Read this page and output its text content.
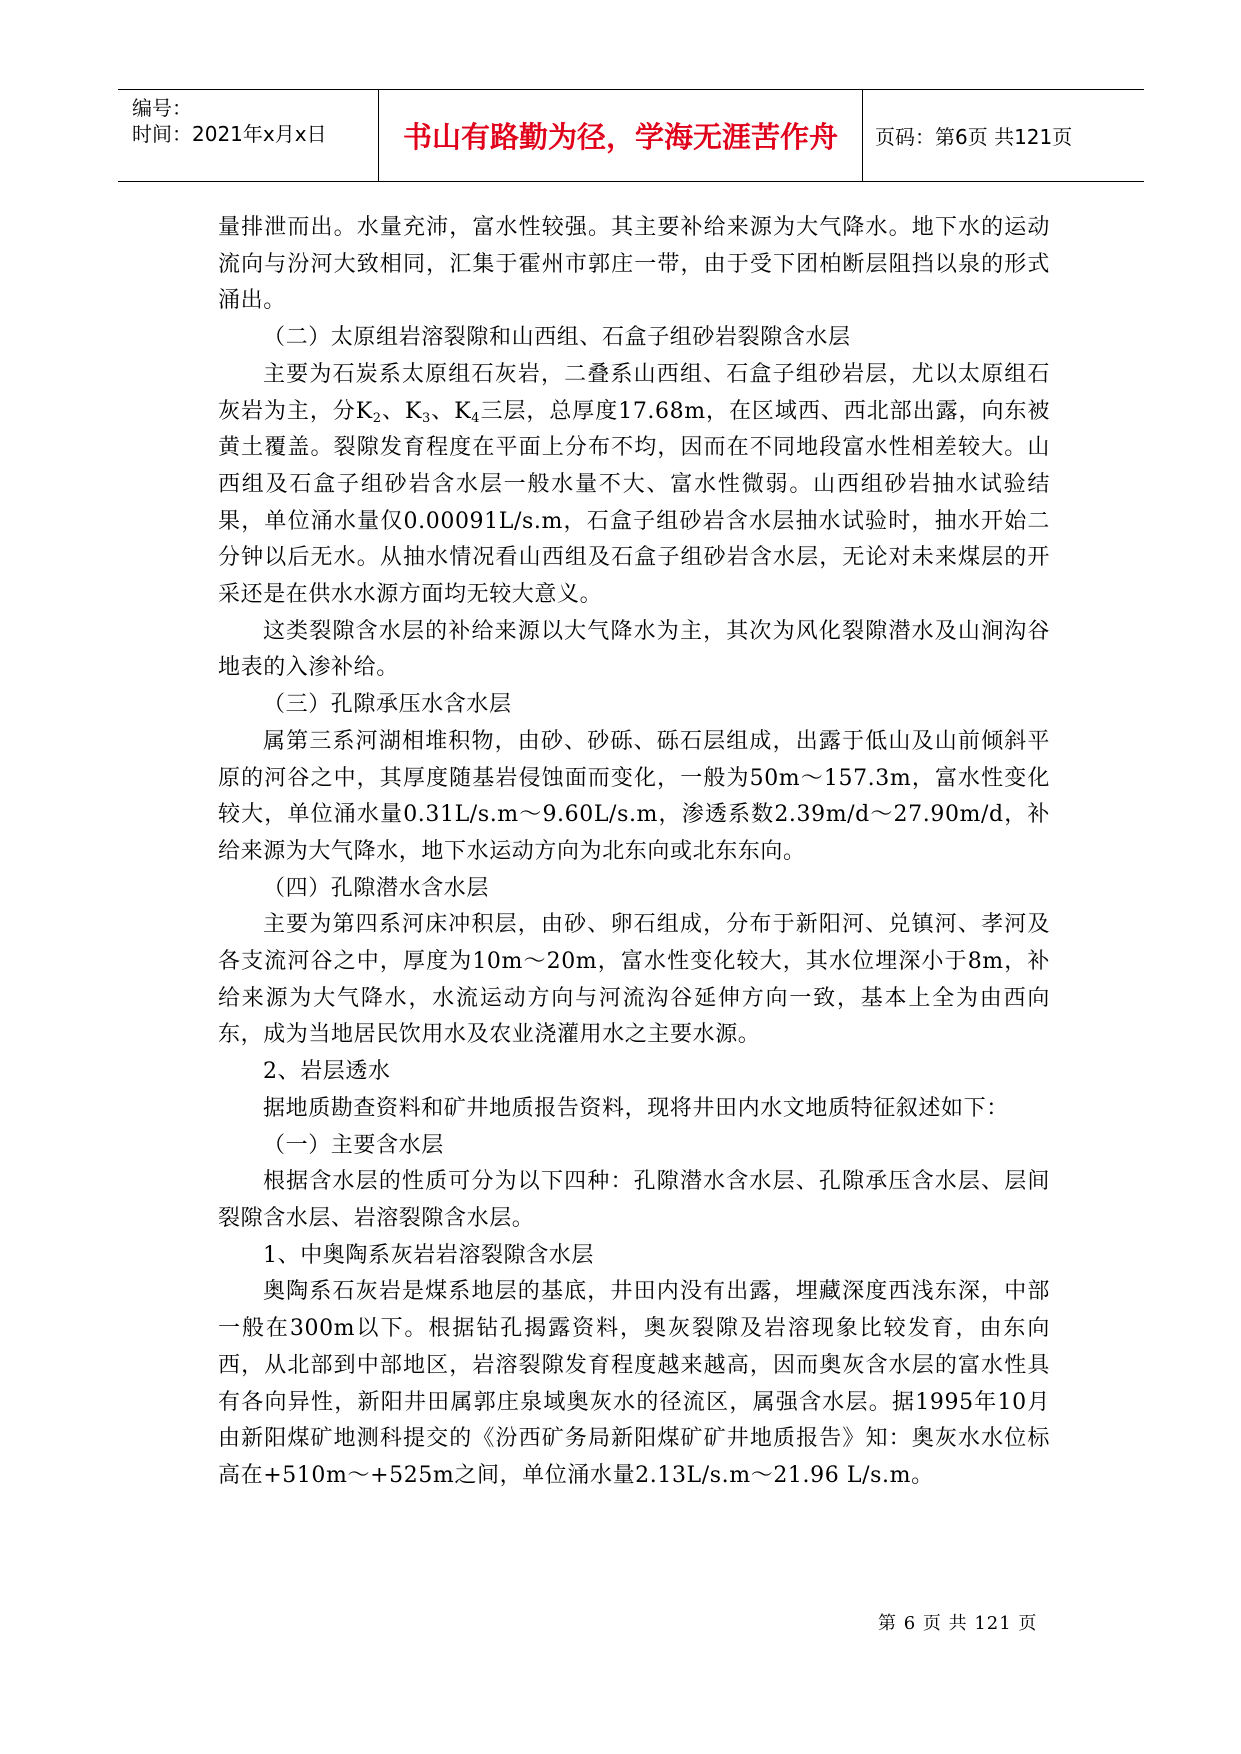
编号：
时间：2021年x月x日	书山有路勤为径，学海无涯苦作舟	页码：第6页 共121页

量排泄而出。水量充沛，富水性较强。其主要补给来源为大气降水。地下水的运动流向与汾河大致相同，汇集于霍州市郭庄一带，由于受下团柏断层阻挡以泉的形式涌出。

（二）太原组岩溶裂隙和山西组、石盒子组砂岩裂隙含水层

主要为石炭系太原组石灰岩，二叠系山西组、石盒子组砂岩层，尤以太原组石灰岩为主，分$K_2$、$K_3$、$K_4$三层，总厚度17.68m，在区域西、西北部出露，向东被黄土覆盖。裂隙发育程度在平面上分布不均，因而在不同地段富水性相差较大。山西组及石盒子组砂岩含水层一般水量不大、富水性微弱。山西组砂岩抽水试验结果，单位涌水量仅0.00091L/s.m，石盒子组砂岩含水层抽水试验时，抽水开始二分钟以后无水。从抽水情况看山西组及石盒子组砂岩含水层，无论对未来煤层的开采还是在供水水源方面均无较大意义。

这类裂隙含水层的补给来源以大气降水为主，其次为风化裂隙潜水及山涧沟谷地表的入渗补给。

（三）孔隙承压水含水层

属第三系河湖相堆积物，由砂、砂砾、砾石层组成，出露于低山及山前倾斜平原的河谷之中，其厚度随基岩侵蚀面而变化，一般为50m～157.3m，富水性变化较大，单位涌水量0.31L/s.m～9.60L/s.m，渗透系数2.39m/d～27.90m/d，补给来源为大气降水，地下水运动方向为北东向或北东东向。

（四）孔隙潜水含水层

主要为第四系河床冲积层，由砂、卵石组成，分布于新阳河、兑镇河、孝河及各支流河谷之中，厚度为10m～20m，富水性变化较大，其水位埋深小于8m，补给来源为大气降水，水流运动方向与河流沟谷延伸方向一致，基本上全为由西向东，成为当地居民饮用水及农业浇灌用水之主要水源。

2、岩层透水

据地质勘查资料和矿井地质报告资料，现将井田内水文地质特征叙述如下：

（一）主要含水层

根据含水层的性质可分为以下四种：孔隙潜水含水层、孔隙承压含水层、层间裂隙含水层、岩溶裂隙含水层。

1、中奥陶系灰岩岩溶裂隙含水层

奥陶系石灰岩是煤系地层的基底，井田内没有出露，埋藏深度西浅东深，中部一般在300m以下。根据钻孔揭露资料，奥灰裂隙及岩溶现象比较发育，由东向西，从北部到中部地区，岩溶裂隙发育程度越来越高，因而奥灰含水层的富水性具有各向异性，新阳井田属郭庄泉域奥灰水的径流区，属强含水层。据1995年10月由新阳煤矿地测科提交的《汾西矿务局新阳煤矿矿井地质报告》知：奥灰水水位标高在+510m～+525m之间，单位涌水量2.13L/s.m～21.96 L/s.m。

第 6 页 共 121 页
